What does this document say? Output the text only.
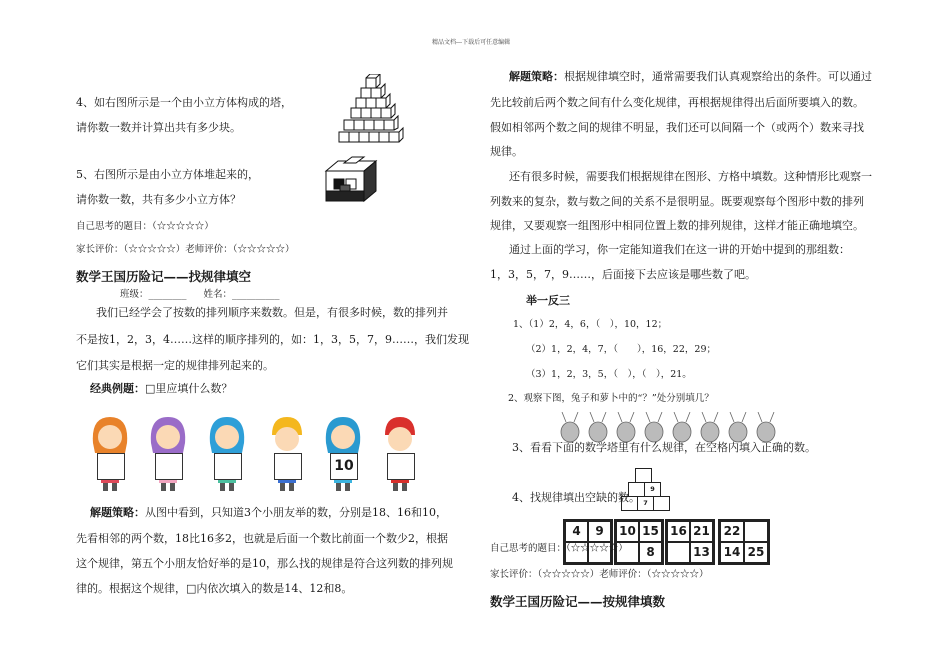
精品文档---下载后可任意编辑
4、如右图所示是一个由小立方体构成的塔，
请你数一数并计算出共有多少块。
5、右图所示是由小立方体堆起来的，
请你数一数，共有多少小立方体？
自己思考的题目：（☆☆☆☆☆）
家长评价：（☆☆☆☆☆）老师评价：（☆☆☆☆☆）
数学王国历险记——找规律填空
班级：________ 姓名：__________
我们已经学会了按数的排列顺序来数数。但是，有很多时候，数的排列并
不是按1，2，3，4……这样的顺序排列的，如：1，3，5，7，9……，我们发现
它们其实是根据一定的规律排列起来的。
经典例题：□里应填什么数？
10
解题策略：从图中看到，只知道3个小朋友举的数，分别是18、16和10，
先看相邻的两个数，18比16多2，也就是后面一个数比前面一个数少2，根据
这个规律，第五个小朋友恰好举的是10，那么找的规律是符合这列数的排列规
律的。根据这个规律，□内依次填入的数是14、12和8。
解题策略：根据规律填空时，通常需要我们认真观察给出的条件。可以通过
先比较前后两个数之间有什么变化规律，再根据规律得出后面所要填入的数。
假如相邻两个数之间的规律不明显，我们还可以间隔一个（或两个）数来寻找
规律。
还有很多时候，需要我们根据规律在图形、方格中填数。这种情形比观察一
列数来的复杂，数与数之间的关系不是很明显。既要观察每个图形中数的排列
规律，又要观察一组图形中相同位置上数的排列规律，这样才能正确地填空。
通过上面的学习，你一定能知道我们在这一讲的开始中提到的那组数：
1，3，5，7，9……，后面接下去应该是哪些数了吧。
举一反三
1、（1）2，4，6，（　），10，12；
（2）1，2，4，7，（　　），16，22，29；
（3）1，2，3，5，（　），（　），21。
2、观察下图，兔子和萝卜中的“？”处分别填几？
3、看看下面的数学塔里有什么规律，在空格内填入正确的数。
9
7
4、找规律填出空缺的数。
4	9	10 15
8
16 21
13
22
14 25
自己思考的题目：（☆☆☆☆☆）
家长评价：（☆☆☆☆☆）老师评价：（☆☆☆☆☆）
数学王国历险记——按规律填数
